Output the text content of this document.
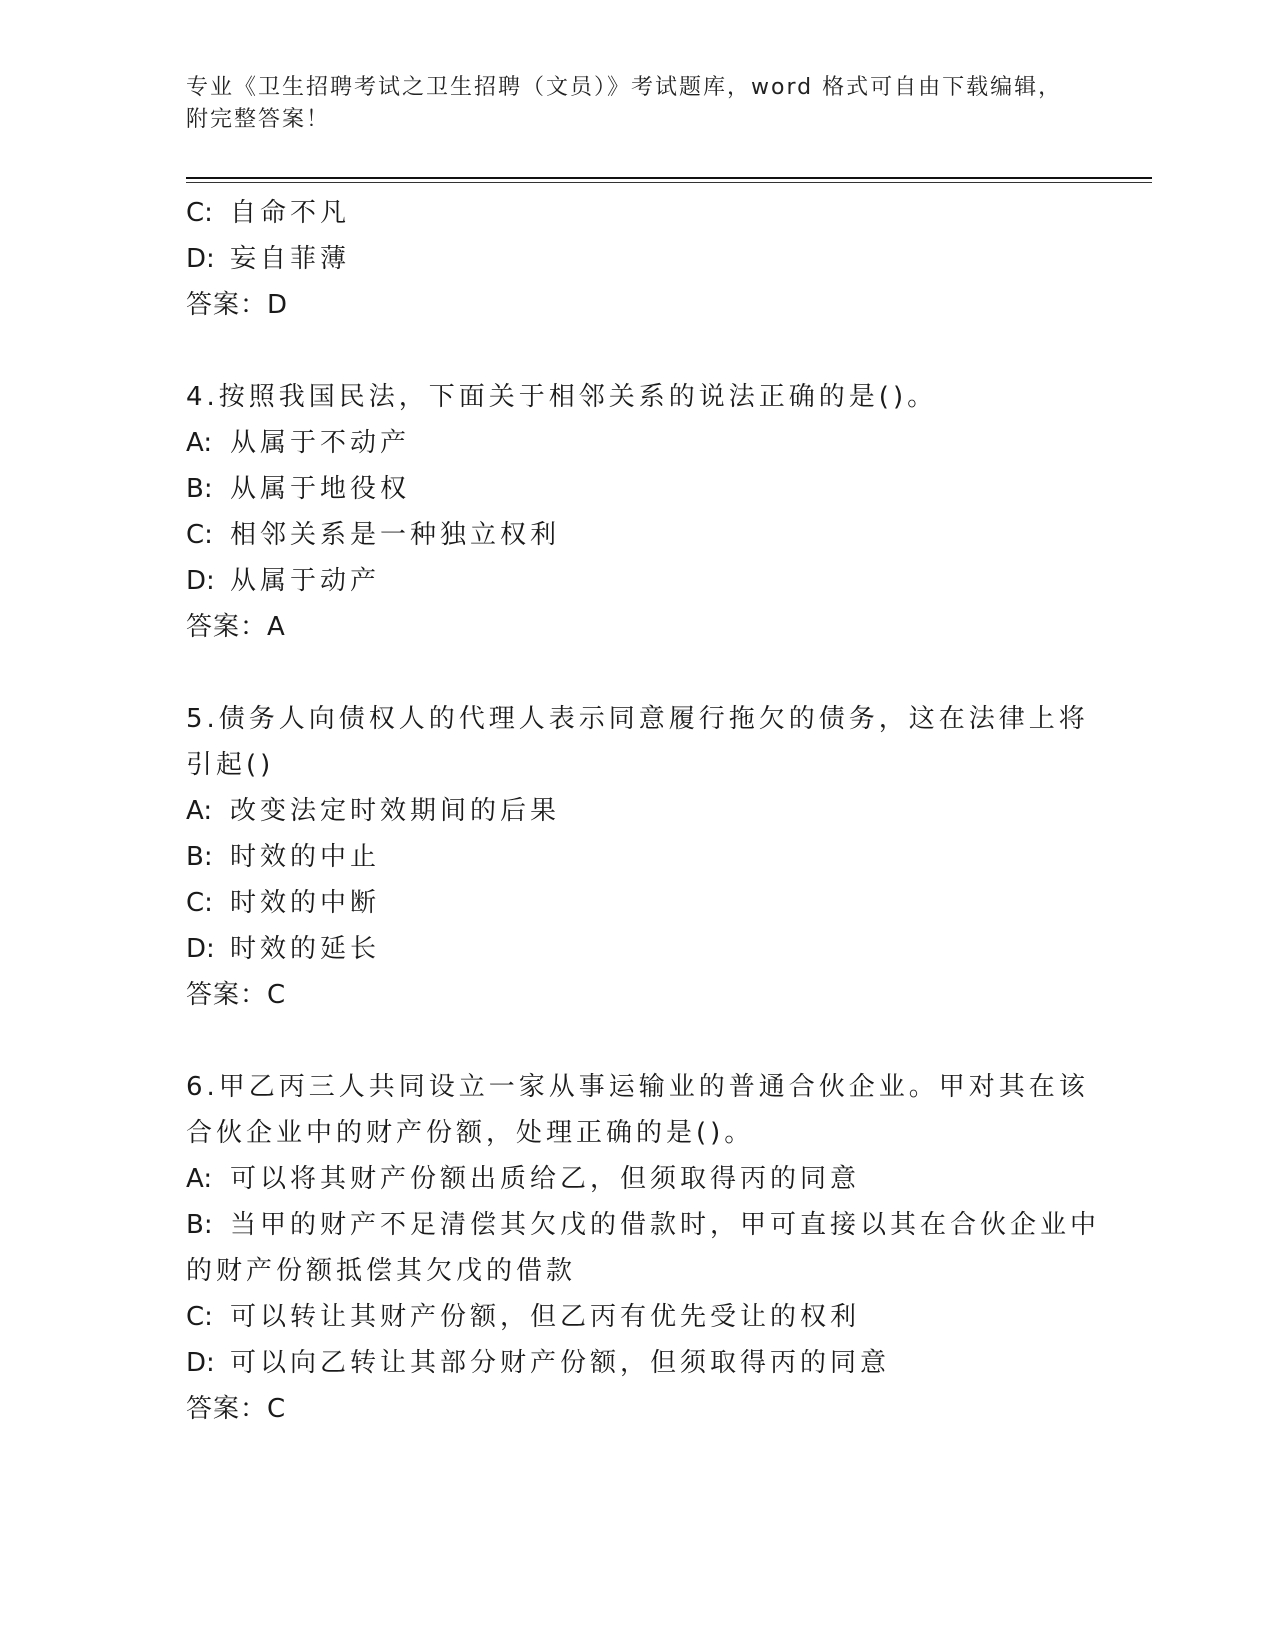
专业《卫生招聘考试之卫生招聘（文员）》考试题库，word 格式可自由下载编辑，附完整答案！
C: 自命不凡
D: 妄自菲薄
答案：D
4.按照我国民法，下面关于相邻关系的说法正确的是()。
A: 从属于不动产
B: 从属于地役权
C: 相邻关系是一种独立权利
D: 从属于动产
答案：A
5.债务人向债权人的代理人表示同意履行拖欠的债务，这在法律上将
引起()
A: 改变法定时效期间的后果
B: 时效的中止
C: 时效的中断
D: 时效的延长
答案：C
6.甲乙丙三人共同设立一家从事运输业的普通合伙企业。甲对其在该
合伙企业中的财产份额，处理正确的是()。
A: 可以将其财产份额出质给乙，但须取得丙的同意
B: 当甲的财产不足清偿其欠戊的借款时，甲可直接以其在合伙企业中
的财产份额抵偿其欠戊的借款
C: 可以转让其财产份额，但乙丙有优先受让的权利
D: 可以向乙转让其部分财产份额，但须取得丙的同意
答案：C
